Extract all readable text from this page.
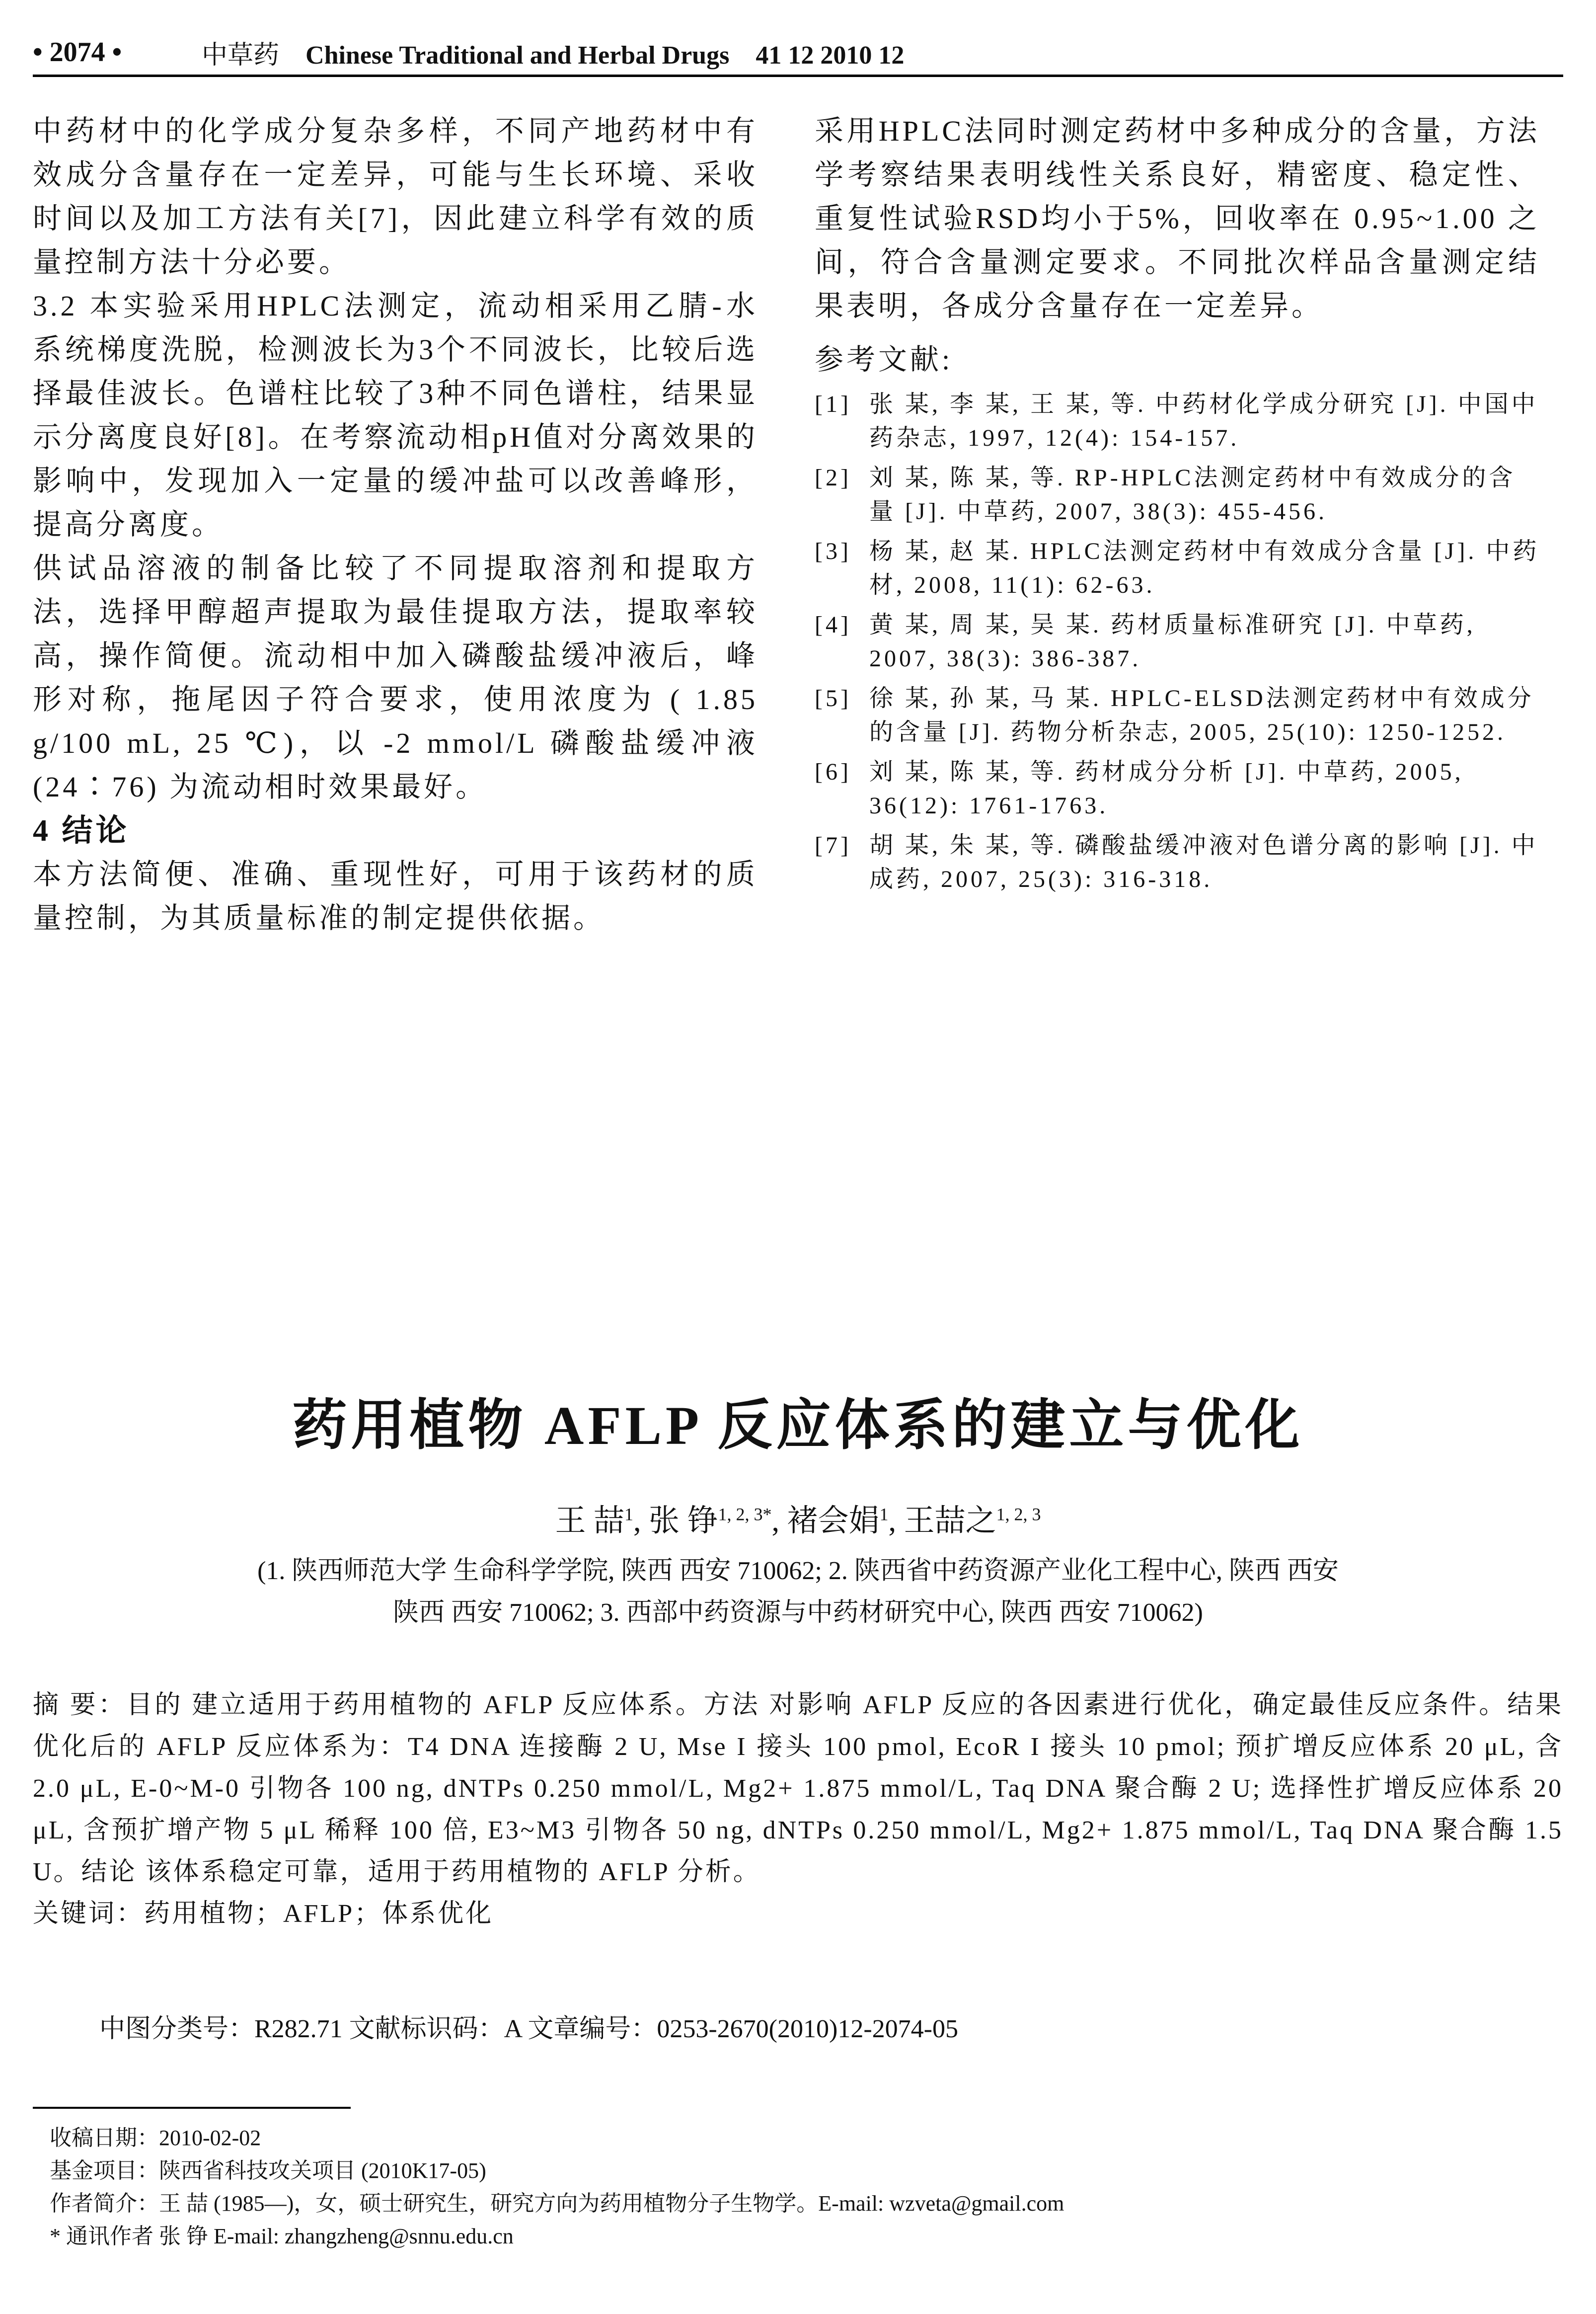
• 2074 •	中草药 Chinese Traditional and Herbal Drugs 41 12 2010 12

中药材中的化学成分复杂多样，不同产地药材中有效成分含量存在一定差异，可能与生长环境、采收时间以及加工方法有关[7]，因此建立科学有效的质量控制方法十分必要。

3.2 本实验采用HPLC法测定，流动相采用乙腈-水系统梯度洗脱，检测波长为3个不同波长，比较后选择最佳波长。色谱柱比较了3种不同色谱柱，结果显示分离度良好[8]。在考察流动相pH值对分离效果的影响中，发现加入一定量的缓冲盐可以改善峰形，提高分离度。

供试品溶液的制备比较了不同提取溶剂和提取方法，选择甲醇超声提取为最佳提取方法，提取率较高，操作简便。流动相中加入磷酸盐缓冲液后，峰形对称，拖尾因子符合要求，使用浓度为 ( 1.85 g/100 mL, 25 ℃)，以 -2 mmol/L 磷酸盐缓冲液 (24∶76) 为流动相时效果最好。

4 结论

本方法简便、准确、重现性好，可用于该药材的质量控制，为其质量标准的制定提供依据。

采用HPLC法同时测定药材中多种成分的含量，方法学考察结果表明线性关系良好，精密度、稳定性、重复性试验RSD均小于5%，回收率在 0.95~1.00 之间，符合含量测定要求。不同批次样品含量测定结果表明，各成分含量存在一定差异。

参考文献:
[1] 张 某, 李 某, 王 某, 等. 中药材化学成分研究 [J]. 中国中药杂志, 1997, 12(4): 154-157.
[2] 刘 某, 陈 某, 等. RP-HPLC法测定药材中有效成分的含量 [J]. 中草药, 2007, 38(3): 455-456.
[3] 杨 某, 赵 某. HPLC法测定药材中有效成分含量 [J]. 中药材, 2008, 11(1): 62-63.
[4] 黄 某, 周 某, 吴 某. 药材质量标准研究 [J]. 中草药, 2007, 38(3): 386-387.
[5] 徐 某, 孙 某, 马 某. HPLC-ELSD法测定药材中有效成分的含量 [J]. 药物分析杂志, 2005, 25(10): 1250-1252.
[6] 刘 某, 陈 某, 等. 药材成分分析 [J]. 中草药, 2005, 36(12): 1761-1763.
[7] 胡 某, 朱 某, 等. 磷酸盐缓冲液对色谱分离的影响 [J]. 中成药, 2007, 25(3): 316-318.
药用植物 AFLP 反应体系的建立与优化
王 喆$^1$, 张 铮$^{1, 2, 3*}$, 褚会娟$^1$, 王喆之$^{1, 2, 3}$
(1. 陕西师范大学 生命科学学院, 陕西 西安 710062; 2. 陕西省中药资源产业化工程中心, 陕西 西安
陕西 西安 710062; 3. 西部中药资源与中药材研究中心, 陕西 西安 710062)

摘 要：目的 建立适用于药用植物的 AFLP 反应体系。方法 对影响 AFLP 反应的各因素进行优化，确定最佳反应条件。结果 优化后的 AFLP 反应体系为：T4 DNA 连接酶 2 U, Mse I 接头 100 pmol, EcoR I 接头 10 pmol; 预扩增反应体系 20 μL, 含 2.0 μL, E-0~M-0 引物各 100 ng, dNTPs 0.250 mmol/L, Mg2+ 1.875 mmol/L, Taq DNA 聚合酶 2 U; 选择性扩增反应体系 20 μL, 含预扩增产物 5 μL 稀释 100 倍, E3~M3 引物各 50 ng, dNTPs 0.250 mmol/L, Mg2+ 1.875 mmol/L, Taq DNA 聚合酶 1.5 U。结论 该体系稳定可靠，适用于药用植物的 AFLP 分析。

关键词：药用植物；AFLP；体系优化

中图分类号：R282.71 文献标识码：A 文章编号：0253-2670(2010)12-2074-05
收稿日期：2010-02-02
基金项目：陕西省科技攻关项目 (2010K17-05)
作者简介：王 喆 (1985—)，女，硕士研究生，研究方向为药用植物分子生物学。E-mail: wzveta@gmail.com
* 通讯作者 张 铮 E-mail: zhangzheng@snnu.edu.cn
